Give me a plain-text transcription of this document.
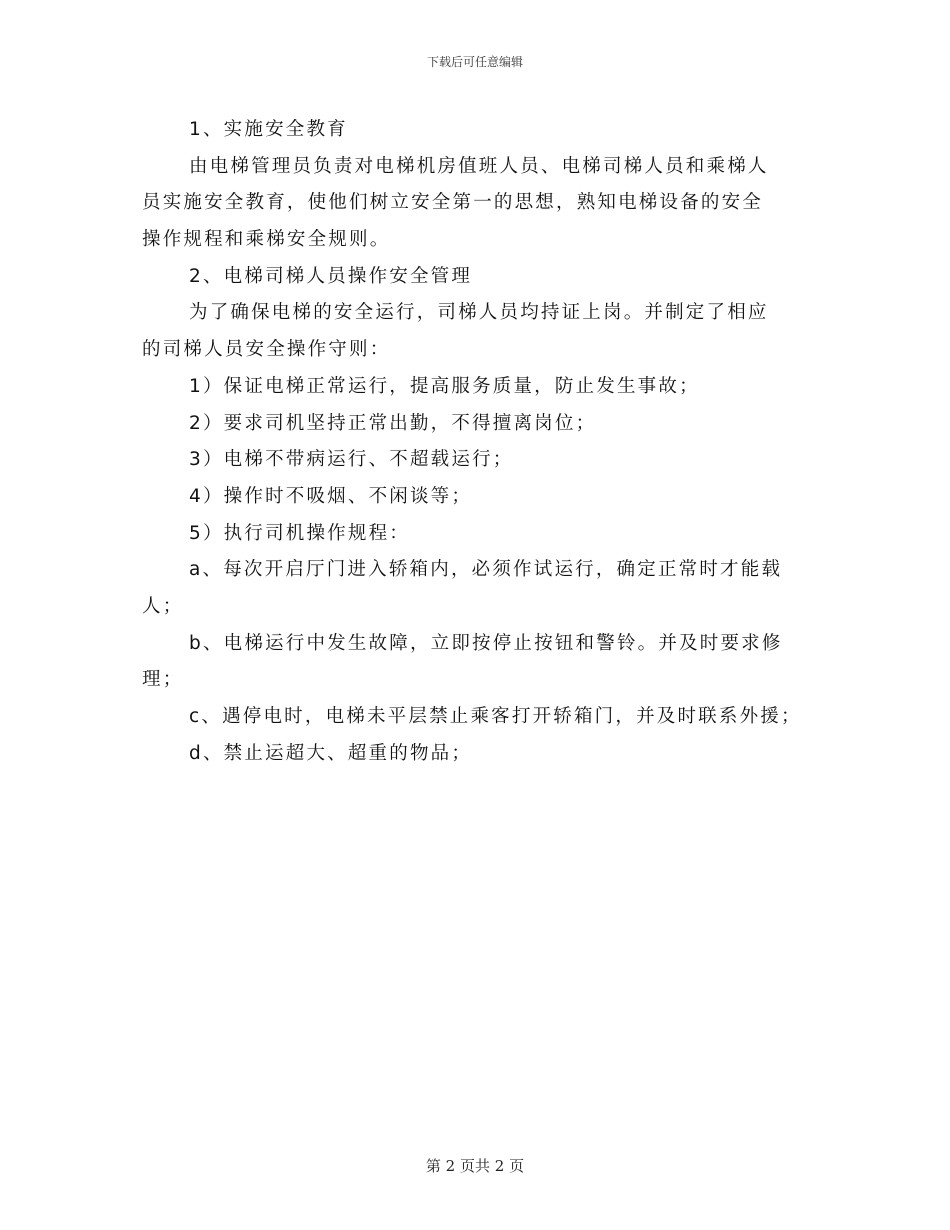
下载后可任意编辑
1、实施安全教育
由电梯管理员负责对电梯机房值班人员、电梯司梯人员和乘梯人
员实施安全教育，使他们树立安全第一的思想，熟知电梯设备的安全
操作规程和乘梯安全规则。
2、电梯司梯人员操作安全管理
为了确保电梯的安全运行，司梯人员均持证上岗。并制定了相应
的司梯人员安全操作守则：
1）保证电梯正常运行，提高服务质量，防止发生事故；
2）要求司机坚持正常出勤，不得擅离岗位；
3）电梯不带病运行、不超载运行；
4）操作时不吸烟、不闲谈等；
5）执行司机操作规程：
a、每次开启厅门进入轿箱内，必须作试运行，确定正常时才能载
人；
b、电梯运行中发生故障，立即按停止按钮和警铃。并及时要求修
理；
c、遇停电时，电梯未平层禁止乘客打开轿箱门，并及时联系外援；
d、禁止运超大、超重的物品；
第 2 页共 2 页
